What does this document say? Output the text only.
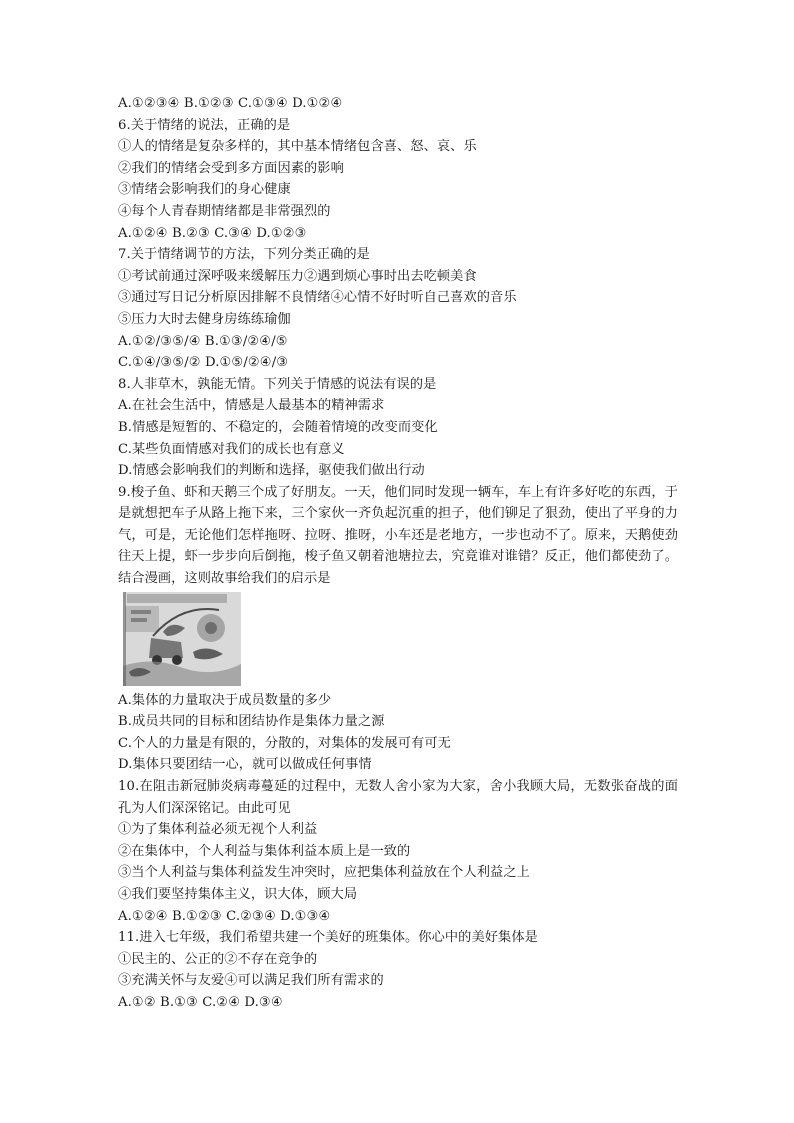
A.①②③④ B.①②③ C.①③④ D.①②④
6.关于情绪的说法，正确的是
①人的情绪是复杂多样的，其中基本情绪包含喜、怒、哀、乐
②我们的情绪会受到多方面因素的影响
③情绪会影响我们的身心健康
④每个人青春期情绪都是非常强烈的
A.①②④ B.②③ C.③④ D.①②③
7.关于情绪调节的方法，下列分类正确的是
①考试前通过深呼吸来缓解压力②遇到烦心事时出去吃顿美食
③通过写日记分析原因排解不良情绪④心情不好时听自己喜欢的音乐
⑤压力大时去健身房练练瑜伽
A.①②/③⑤/④ B.①③/②④/⑤
C.①④/③⑤/② D.①⑤/②④/③
8.人非草木，孰能无情。下列关于情感的说法有误的是
A.在社会生活中，情感是人最基本的精神需求
B.情感是短暂的、不稳定的，会随着情境的改变而变化
C.某些负面情感对我们的成长也有意义
D.情感会影响我们的判断和选择，驱使我们做出行动
9.梭子鱼、虾和天鹅三个成了好朋友。一天，他们同时发现一辆车，车上有许多好吃的东西，于是就想把车子从路上拖下来，三个家伙一齐负起沉重的担子，他们铆足了狠劲，使出了平身的力气，可是，无论他们怎样拖呀、拉呀、推呀，小车还是老地方，一步也动不了。原来，天鹅使劲往天上提，虾一步步向后倒拖，梭子鱼又朝着池塘拉去，究竟谁对谁错？反正，他们都使劲了。结合漫画，这则故事给我们的启示是
A.集体的力量取决于成员数量的多少
B.成员共同的目标和团结协作是集体力量之源
C.个人的力量是有限的，分散的，对集体的发展可有可无
D.集体只要团结一心，就可以做成任何事情
10.在阻击新冠肺炎病毒蔓延的过程中，无数人舍小家为大家，舍小我顾大局，无数张奋战的面孔为人们深深铭记。由此可见
①为了集体利益必须无视个人利益
②在集体中，个人利益与集体利益本质上是一致的
③当个人利益与集体利益发生冲突时，应把集体利益放在个人利益之上
④我们要坚持集体主义，识大体，顾大局
A.①②④ B.①②③ C.②③④ D.①③④
11.进入七年级，我们希望共建一个美好的班集体。你心中的美好集体是
①民主的、公正的②不存在竞争的
③充满关怀与友爱④可以满足我们所有需求的
A.①② B.①③ C.②④ D.③④
